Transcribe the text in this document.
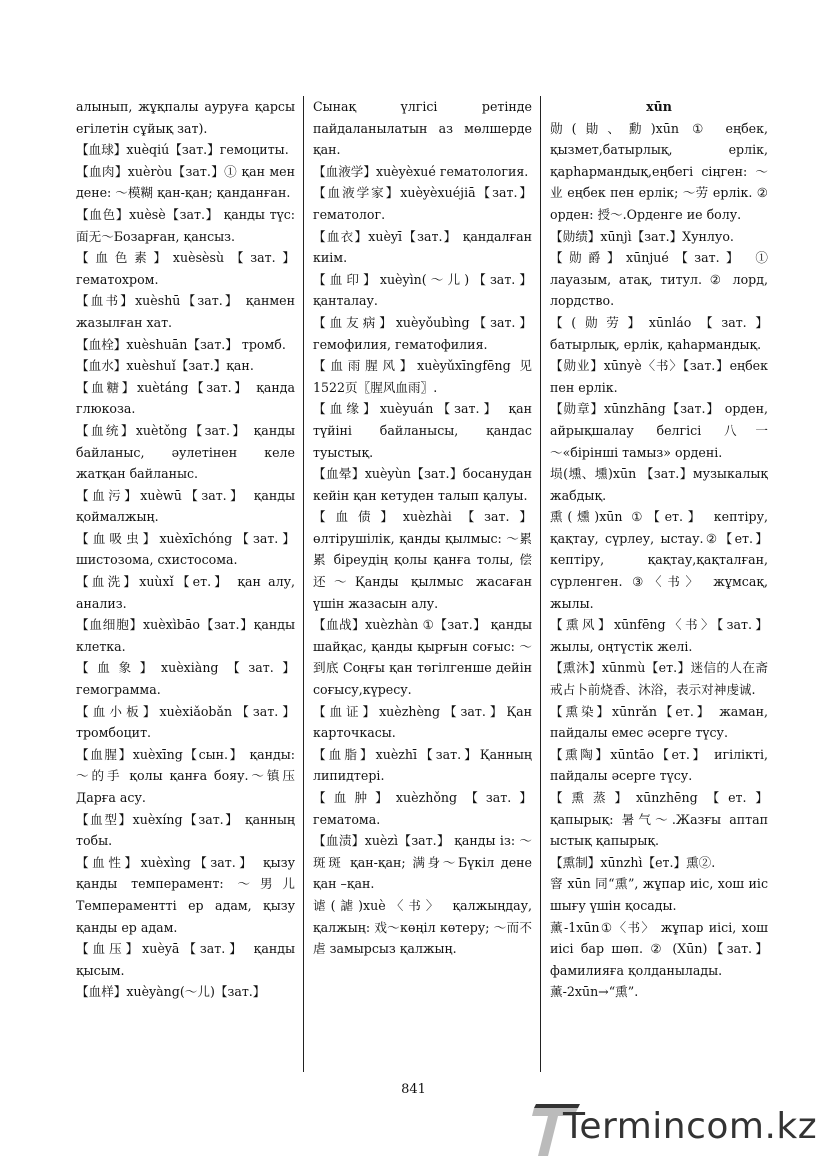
алынып, жұқпалы ауруға қарсы егілетін сұйық зат).

【血球】xuèqiú【зат.】гемоциты.

【血肉】xuèròu【зат.】① қан мен дене: ～模糊 қан-қан; қанданған.

【血色】xuèsè【зат.】 қанды түс: 面无～Бозарған, қансыз.

【血色素】xuèsèsù【зат.】гематохром.

【血书】xuèshū【зат.】 қанмен жазылған хат.

【血栓】xuèshuān【зат.】 тромб.

【血水】xuèshuǐ【зат.】қан.

【血糖】xuètáng【зат.】 қанда глюкоза.

【血统】xuètǒng【зат.】 қанды байланыс, әулетінен келе жатқан байланыс.

【血污】xuèwū【зат.】 қанды қоймалжың.

【血吸虫】xuèxīchóng【зат.】шистозома, схистосома.

【血洗】xuùxǐ【ет.】 қан алу, анализ.

【血细胞】xuèxìbāo【зат.】қанды клетка.

【血象】xuèxiàng【зат.】гемограмма.

【血小板】xuèxiǎobǎn【зат.】тромбоцит.

【血腥】xuèxīng【сын.】 қанды: ～的手 қолы қанға бояу.～镇压 Дарға асу.

【血型】xuèxíng【зат.】 қанның тобы.

【血性】xuèxìng【зат.】 қызу қанды темперамент: ～男儿 Темпераментті ер адам, қызу қанды ер адам.

【血压】xuèyā【зат.】 қанды қысым.

【血样】xuèyàng(～儿)【зат.】

Сынақ үлгісі ретінде пайдаланылатын аз мөлшерде қан.

【血液学】xuèyèxué гематология.

【血液学家】xuèyèxuéjiā【зат.】 гематолог.

【血衣】xuèyī【зат.】 қандалған киім.

【血印】xuèyìn(～儿)【зат.】қанталау.

【血友病】xuèyǒubìng【зат.】гемофилия, гематофилия.

【血雨腥风】xuèyǔxīngfēng 见 1522页〖腥风血雨〗.

【血缘】xuèyuán【зат.】 қан түйіні байланысы, қандас туыстық.

【血晕】xuèyùn【зат.】босанудан кейін қан кетуден талып қалуы.

【血债】xuèzhài【зат.】өлтірушілік, қанды қылмыс: ～累累 біреудің қолы қанға толы, 偿还～Қанды қылмыс жасаған үшін жазасын алу.

【血战】xuèzhàn ①【зат.】 қанды шайқас, қанды қырғын соғыс: ～到底 Соңғы қан төгілгенше дейін соғысу,күресу.

【血证】xuèzhèng【зат.】Қан карточкасы.

【血脂】xuèzhī【зат.】Қанның липидтері.

【血肿】xuèzhǒng【зат.】гематома.

【血渍】xuèzì【зат.】 қанды із: ～斑斑 қан-қан; 满身～Бүкіл дене қан –қан.

谑(謔)xuè〈书〉 қалжыңдау, қалжың: 戏～көңіл көтеру; ～而不虐 замырсыз қалжың.

xūn

勋(勛、勳)xūn ① еңбек, қызмет,батырлық, ерлік, қарһармандық,еңбегі сіңген: ～业 еңбек пен ерлік; ～劳 ерлік. ② орден: 授～.Орденге ие болу.

【勋绩】xūnjì【зат.】Хунлуо.

【勋爵】xūnjué【зат.】 ① лауазым, атақ, титул. ② лорд, лордство.

【(勋劳】xūnláo【зат.】батырлық, ерлік, қаһармандық.

【勋业】xūnyè〈书〉【зат.】еңбек пен ерлік.

【勋章】xūnzhāng【зат.】 орден, айрықшалау белгісі 八一～«бірінші тамыз» ордені.

埙(壎、壎)xūn 【зат.】музыкалық жабдық.

熏(燻)xūn ①【ет.】 кептіру, қақтау, сүрлеу, ыстау.②【ет.】 кептіру, қақтау,қақталған, сүрленген. ③〈书〉 жұмсақ, жылы.

【熏风】xūnfēng〈书〉【зат.】жылы, оңтүстік желі.

【熏沐】xūnmù【ет.】迷信的人在斋戒占卜前烧香、沐浴，表示对神虔诚.

【熏染】xūnrǎn【ет.】 жаман, пайдалы емес әсерге түсу.

【熏陶】xūntāo【ет.】 игілікті, пайдалы әсерге түсу.

【熏蒸】xūnzhēng【ет.】қапырық: 暑气～.Жазғы аптап ыстық қапырық.

【熏制】xūnzhì【ет.】熏②.

窨 xūn 同“熏”, жұпар иіс, хош иіс шығу үшін қосады.

薰-1xūn①〈书〉 жұпар иісі, хош иісі бар шөп. ② (Xūn)【зат.】фамилияға қолданылады.

薰-2xūn→“熏”.

841
Termincom.kz
